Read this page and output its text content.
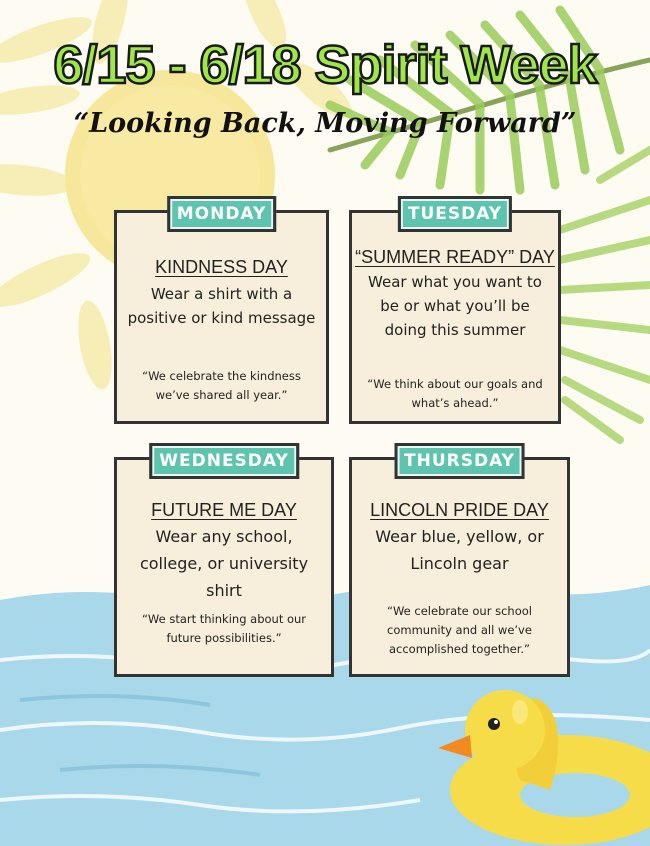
6/15 - 6/18 Spirit Week
“Looking Back, Moving Forward”
MONDAY
KINDNESS DAY
Wear a shirt with a positive or kind message
“We celebrate the kindness we’ve shared all year.”
TUESDAY
“SUMMER READY” DAY
Wear what you want to be or what you’ll be doing this summer
“We think about our goals and what’s ahead.”
WEDNESDAY
FUTURE ME DAY
Wear any school, college, or university shirt
“We start thinking about our future possibilities.”
THURSDAY
LINCOLN PRIDE DAY
Wear blue, yellow, or Lincoln gear
“We celebrate our school community and all we’ve accomplished together.”
